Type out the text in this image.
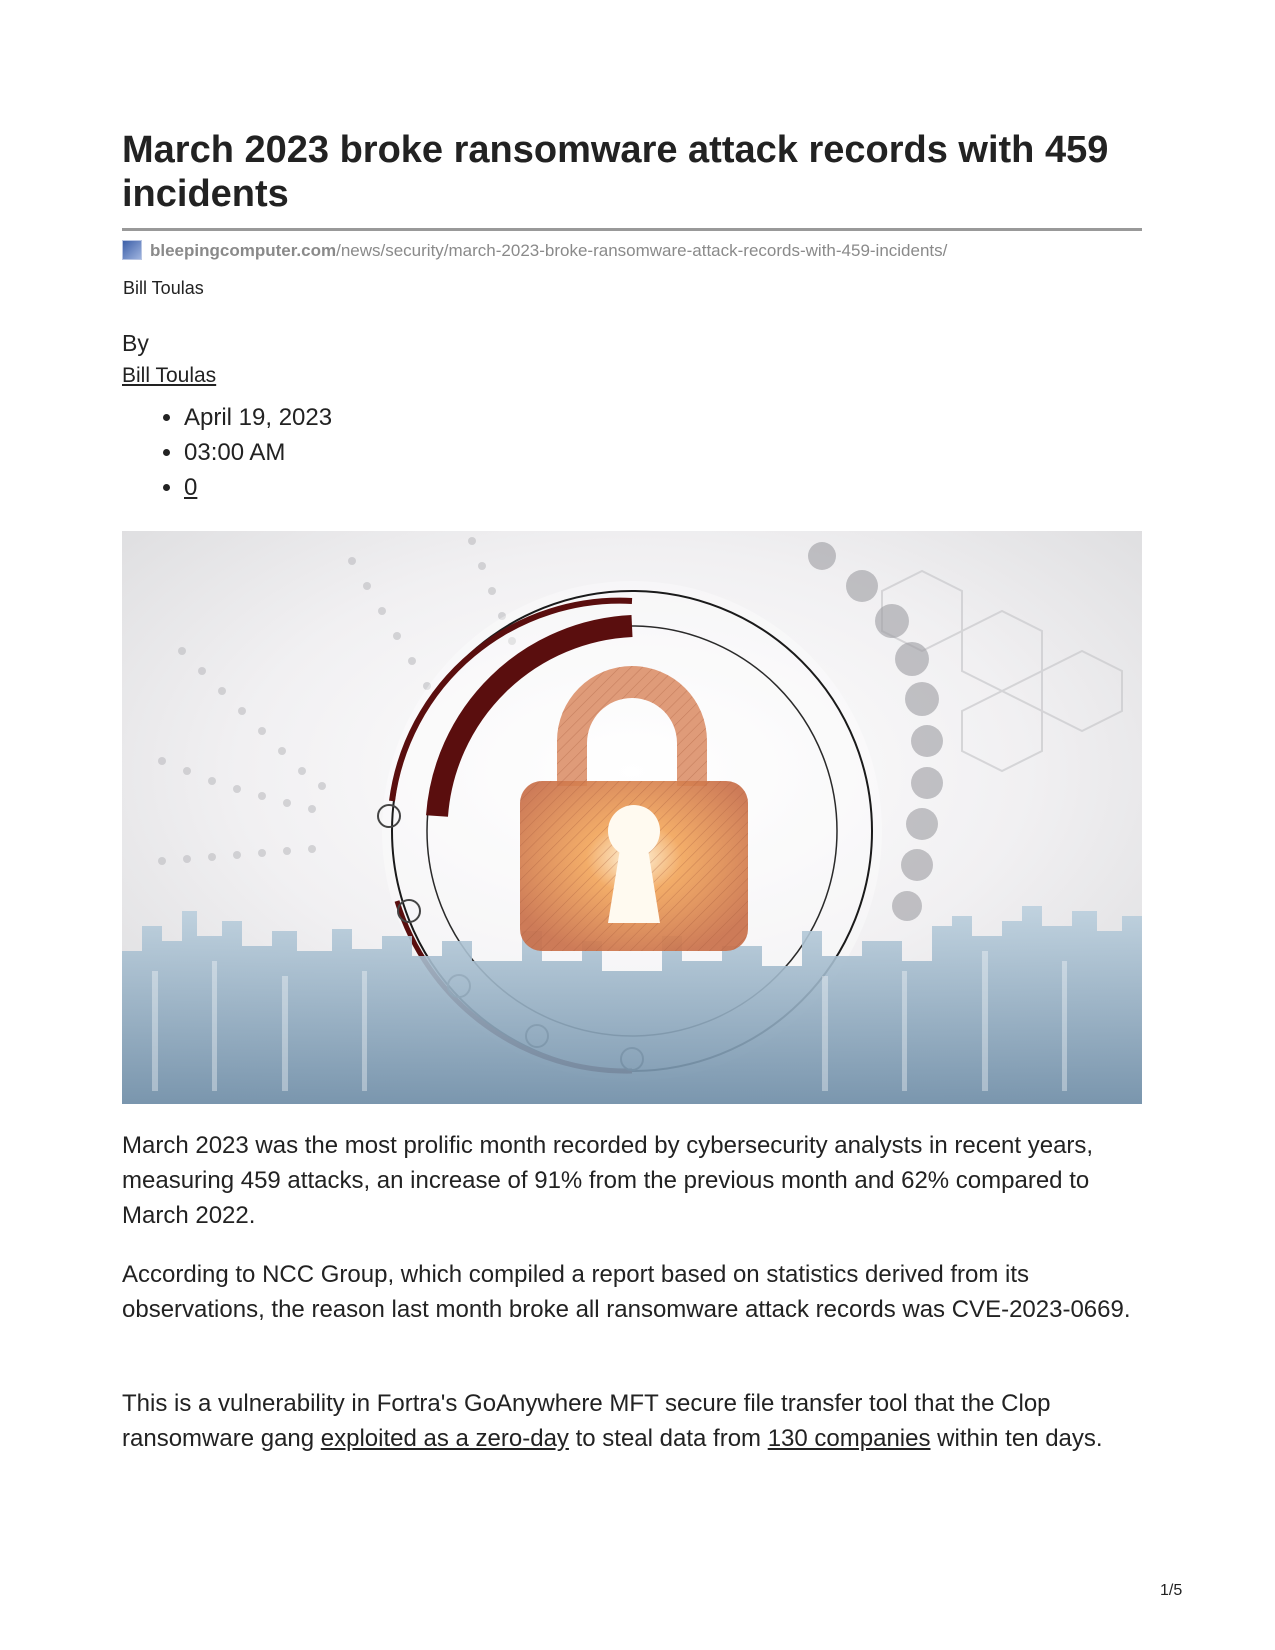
March 2023 broke ransomware attack records with 459 incidents
bleepingcomputer.com/news/security/march-2023-broke-ransomware-attack-records-with-459-incidents/
Bill Toulas
By
Bill Toulas
• April 19, 2023
• 03:00 AM
• 0

March 2023 was the most prolific month recorded by cybersecurity analysts in recent years, measuring 459 attacks, an increase of 91% from the previous month and 62% compared to March 2022.

According to NCC Group, which compiled a report based on statistics derived from its observations, the reason last month broke all ransomware attack records was CVE-2023-0669.

This is a vulnerability in Fortra's GoAnywhere MFT secure file transfer tool that the Clop ransomware gang exploited as a zero-day to steal data from 130 companies within ten days.

1/5
